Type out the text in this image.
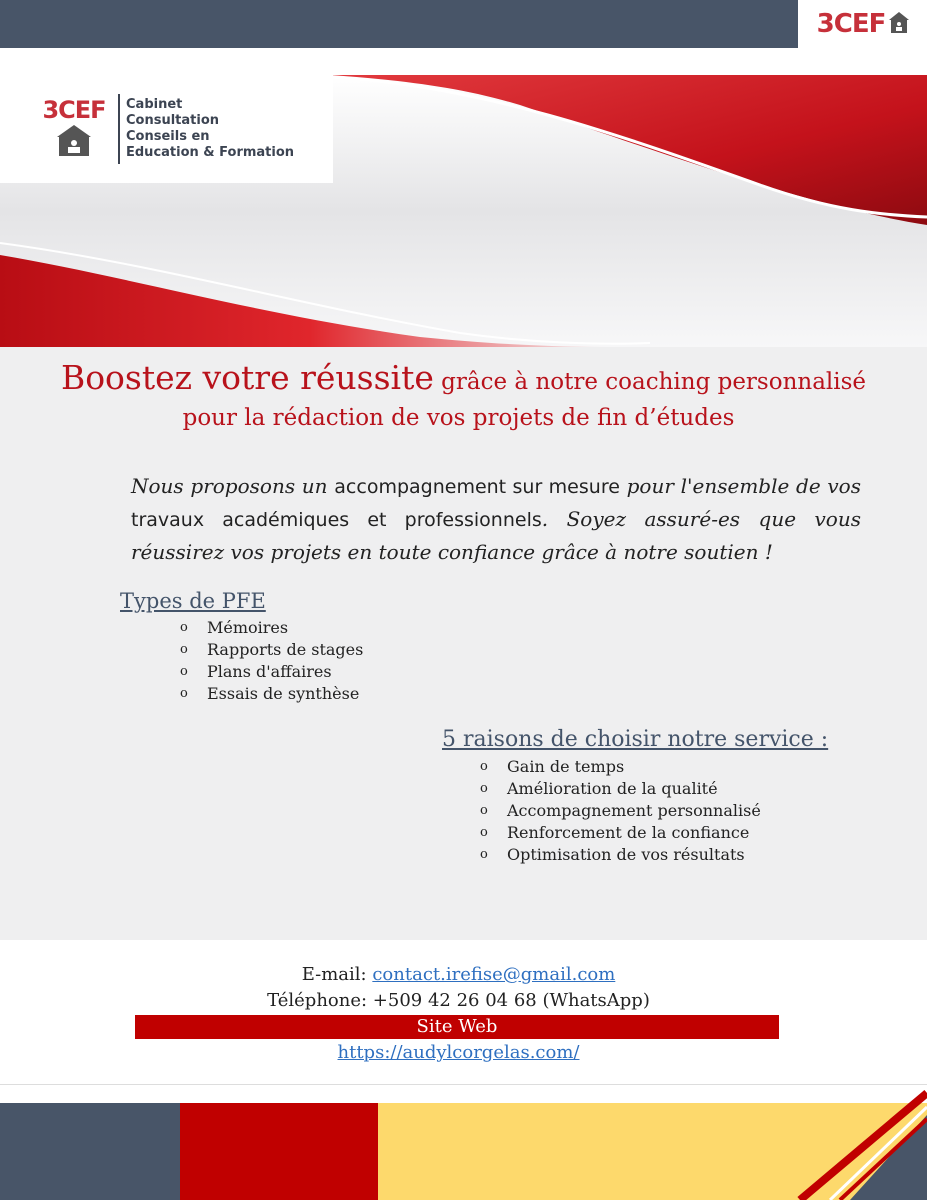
3CEF
3CEF Cabinet
Consultation
Conseils en
Education & Formation
Boostez votre réussite grâce à notre coaching personnalisé
pour la rédaction de vos projets de fin d’études
Nous proposons un accompagnement sur mesure pour l'ensemble de vos travaux académiques et professionnels. Soyez assuré-es que vous réussirez vos projets en toute confiance grâce à notre soutien !
Types de PFE
o	Mémoires
o	Rapports de stages
o	Plans d'affaires
o	Essais de synthèse
5 raisons de choisir notre service :
o	Gain de temps
o	Amélioration de la qualité
o	Accompagnement personnalisé
o	Renforcement de la confiance
o	Optimisation de vos résultats
E-mail: contact.irefise@gmail.com
Téléphone: +509 42 26 04 68 (WhatsApp)
Site Web
https://audylcorgelas.com/
